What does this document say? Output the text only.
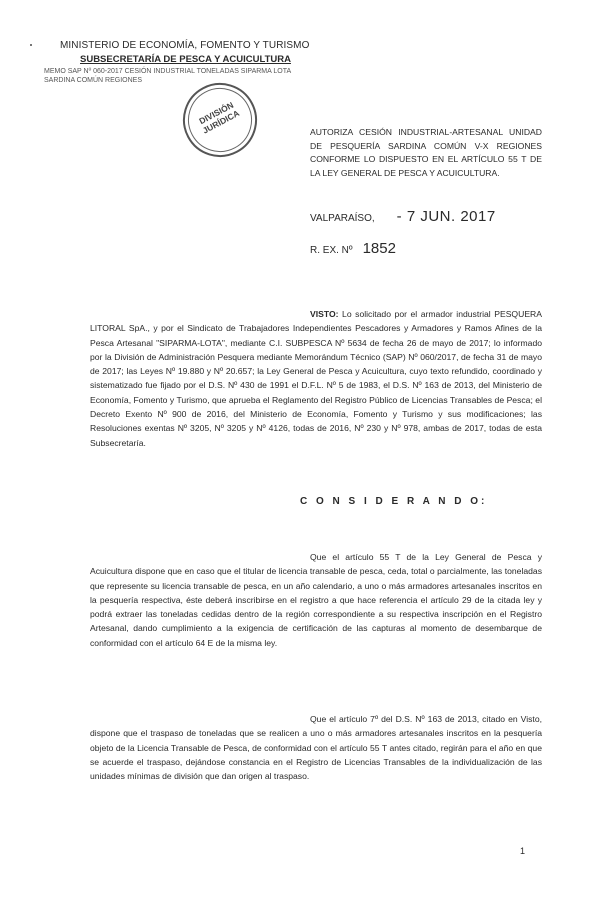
MINISTERIO DE ECONOMÍA, FOMENTO Y TURISMO
SUBSECRETARÍA DE PESCA Y ACUICULTURA
MEMO SAP Nº 060-2017 CESIÓN INDUSTRIAL TONELADAS SIPARMA LOTA SARDINA COMÚN REGIONES
DIVISIÓN JURÍDICA	AUTORIZA CESIÓN INDUSTRIAL-ARTESANAL UNIDAD DE PESQUERÍA SARDINA COMÚN V-X REGIONES CONFORME LO DISPUESTO EN EL ARTÍCULO 55 T DE LA LEY GENERAL DE PESCA Y ACUICULTURA.
VALPARAÍSO, - 7 JUN. 2017
R. EX. Nº 1852
VISTO: Lo solicitado por el armador industrial PESQUERA LITORAL SpA., y por el Sindicato de Trabajadores Independientes Pescadores y Armadores y Ramos Afines de la Pesca Artesanal "SIPARMA-LOTA", mediante C.I. SUBPESCA Nº 5634 de fecha 26 de mayo de 2017; lo informado por la División de Administración Pesquera mediante Memorándum Técnico (SAP) Nº 060/2017, de fecha 31 de mayo de 2017; las Leyes Nº 19.880 y Nº 20.657; la Ley General de Pesca y Acuicultura, cuyo texto refundido, coordinado y sistematizado fue fijado por el D.S. Nº 430 de 1991 el D.F.L. Nº 5 de 1983, el D.S. Nº 163 de 2013, del Ministerio de Economía, Fomento y Turismo, que aprueba el Reglamento del Registro Público de Licencias Transables de Pesca; el Decreto Exento Nº 900 de 2016, del Ministerio de Economía, Fomento y Turismo y sus modificaciones; las Resoluciones exentas Nº 3205, Nº 3205 y Nº 4126, todas de 2016, Nº 230 y Nº 978, ambas de 2017, todas de esta Subsecretaría.
C O N S I D E R A N D O:
Que el artículo 55 T de la Ley General de Pesca y Acuicultura dispone que en caso que el titular de licencia transable de pesca, ceda, total o parcialmente, las toneladas que represente su licencia transable de pesca, en un año calendario, a uno o más armadores artesanales inscritos en la pesquería respectiva, éste deberá inscribirse en el registro a que hace referencia el artículo 29 de la citada ley y podrá extraer las toneladas cedidas dentro de la región correspondiente a su respectiva inscripción en el Registro Artesanal, dando cumplimiento a la exigencia de certificación de las capturas al momento de desembarque de conformidad con el artículo 64 E de la misma ley.
Que el artículo 7º del D.S. Nº 163 de 2013, citado en Visto, dispone que el traspaso de toneladas que se realicen a uno o más armadores artesanales inscritos en la pesquería objeto de la Licencia Transable de Pesca, de conformidad con el artículo 55 T antes citado, regirán para el año en que se acuerde el traspaso, dejándose constancia en el Registro de Licencias Transables de la individualización de las unidades mínimas de división que dan origen al traspaso.
1
